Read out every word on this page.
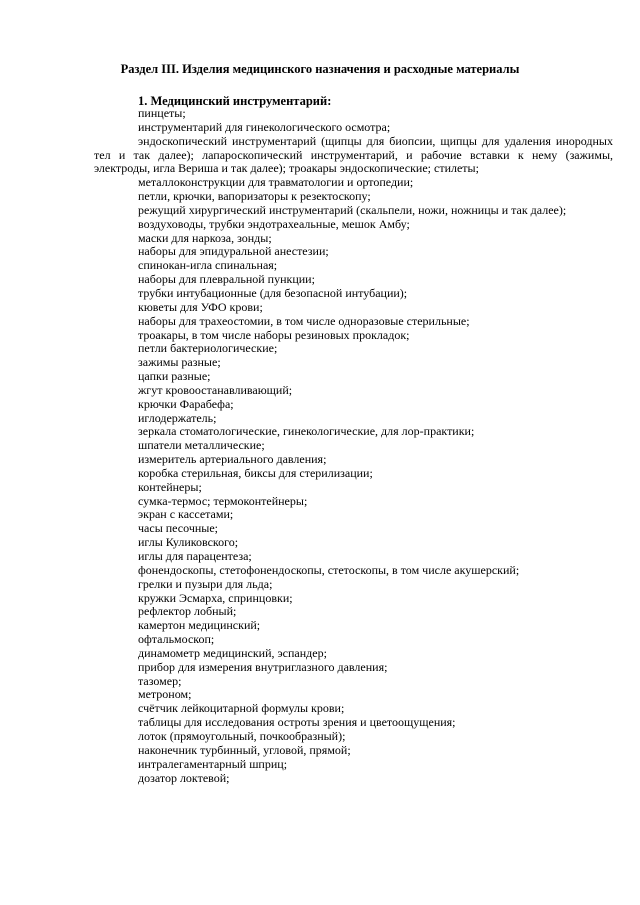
Раздел III. Изделия медицинского назначения и расходные материалы
1. Медицинский инструментарий:
пинцеты;
инструментарий для гинекологического осмотра;
эндоскопический инструментарий (щипцы для биопсии, щипцы для удаления инородных тел и так далее); лапароскопический инструментарий, и рабочие вставки к нему (зажимы, электроды, игла Вериша и так далее); троакары эндоскопические; стилеты;
металлоконструкции для травматологии и ортопедии;
петли, крючки, вапоризаторы к резектоскопу;
режущий хирургический инструментарий (скальпели, ножи, ножницы и так далее);
воздуховоды, трубки эндотрахеальные, мешок Амбу;
маски для наркоза, зонды;
наборы для эпидуральной анестезии;
спинокан-игла спинальная;
наборы для плевральной пункции;
трубки интубационные (для безопасной интубации);
кюветы для УФО крови;
наборы для трахеостомии, в том числе одноразовые стерильные;
троакары, в том числе наборы резиновых прокладок;
петли бактериологические;
зажимы разные;
цапки разные;
жгут кровоостанавливающий;
крючки Фарабефа;
иглодержатель;
зеркала стоматологические, гинекологические, для лор-практики;
шпатели металлические;
измеритель артериального давления;
коробка стерильная, биксы для стерилизации;
контейнеры;
сумка-термос; термоконтейнеры;
экран с кассетами;
часы песочные;
иглы Куликовского;
иглы для парацентеза;
фонендоскопы, стетофонендоскопы, стетоскопы, в том числе акушерский;
грелки и пузыри для льда;
кружки Эсмарха, спринцовки;
рефлектор лобный;
камертон медицинский;
офтальмоскоп;
динамометр медицинский, эспандер;
прибор для измерения внутриглазного давления;
тазомер;
метроном;
счётчик лейкоцитарной формулы крови;
таблицы для исследования остроты зрения и цветоощущения;
лоток (прямоугольный, почкообразный);
наконечник турбинный, угловой, прямой;
интралегаментарный шприц;
дозатор локтевой;
